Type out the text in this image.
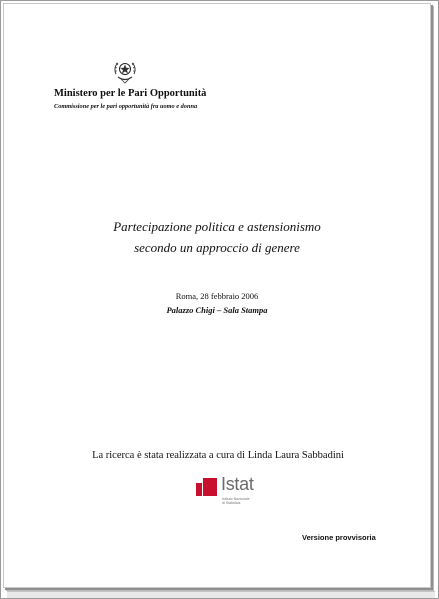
Ministero per le Pari Opportunità
Commissione per le pari opportunità fra uomo e donna
Partecipazione politica e astensionismo
secondo un approccio di genere
Roma, 28 febbraio 2006
Palazzo Chigi – Sala Stampa
La ricerca è stata realizzata a cura di Linda Laura Sabbadini
Istat
Istituto Nazionale
di Statistica
Versione provvisoria
